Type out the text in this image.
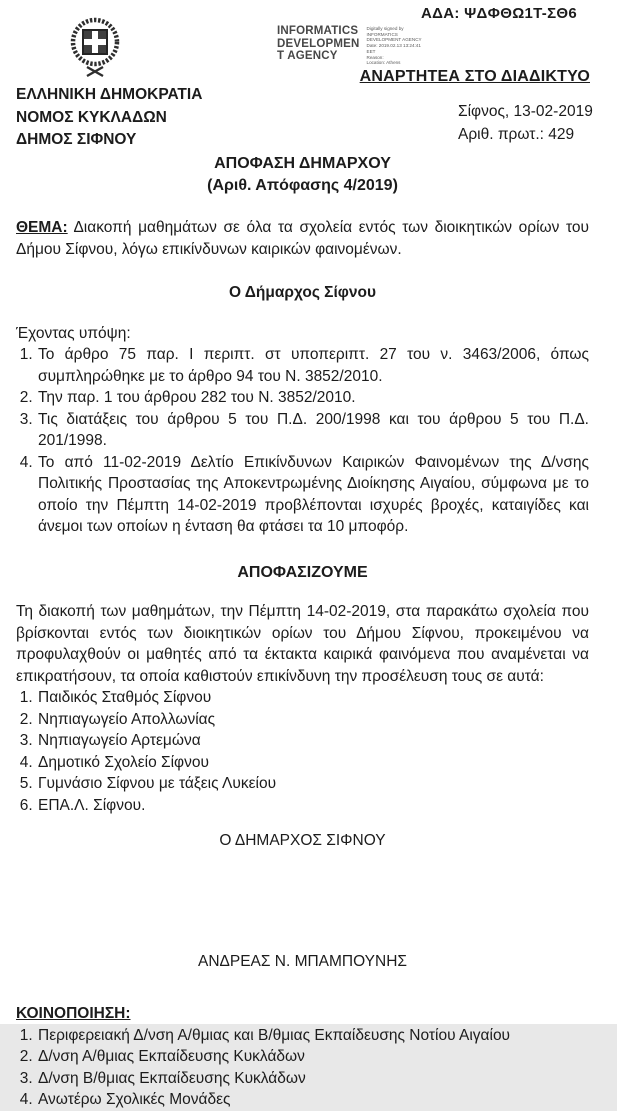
ΑΔΑ: ΨΔΦΘΩ1Τ-ΣΘ6
INFORMATICS
DEVELOPMEN
T AGENCY
Digitally signed by
INFORMATICS
DEVELOPMENT AGENCY
Date: 2019.02.13 13:24:41
EET
Reason:
Location: Athens
ΑΝΑΡΤΗΤΕΑ ΣΤΟ ΔΙΑΔΙΚΤΥΟ
ΕΛΛΗΝΙΚΗ ΔΗΜΟΚΡΑΤΙΑ
ΝΟΜΟΣ ΚΥΚΛΑΔΩΝ
ΔΗΜΟΣ ΣΙΦΝΟΥ
Σίφνος, 13-02-2019
Αριθ. πρωτ.: 429
ΑΠΟΦΑΣΗ ΔΗΜΑΡΧΟΥ
(Αριθ. Απόφασης 4/2019)

ΘΕΜΑ: Διακοπή μαθημάτων σε όλα τα σχολεία εντός των διοικητικών ορίων του Δήμου Σίφνου, λόγω επικίνδυνων καιρικών φαινομένων.

Ο Δήμαρχος Σίφνου
Έχοντας υπόψη:
1. Το άρθρο 75 παρ. Ι περιπτ. στ υποπεριπτ. 27 του ν. 3463/2006, όπως συμπληρώθηκε με το άρθρο 94 του Ν. 3852/2010.
2. Την παρ. 1 του άρθρου 282 του Ν. 3852/2010.
3. Τις διατάξεις του άρθρου 5 του Π.Δ. 200/1998 και του άρθρου 5 του Π.Δ. 201/1998.
4. Το από 11-02-2019 Δελτίο Επικίνδυνων Καιρικών Φαινομένων της Δ/νσης Πολιτικής Προστασίας της Αποκεντρωμένης Διοίκησης Αιγαίου, σύμφωνα με το οποίο την Πέμπτη 14-02-2019 προβλέπονται ισχυρές βροχές, καταιγίδες και άνεμοι των οποίων η ένταση θα φτάσει τα 10 μποφόρ.
ΑΠΟΦΑΣΙΖΟΥΜΕ

Τη διακοπή των μαθημάτων, την Πέμπτη 14-02-2019, στα παρακάτω σχολεία που βρίσκονται εντός των διοικητικών ορίων του Δήμου Σίφνου, προκειμένου να προφυλαχθούν οι μαθητές από τα έκτακτα καιρικά φαινόμενα που αναμένεται να επικρατήσουν, τα οποία καθιστούν επικίνδυνη την προσέλευση τους σε αυτά:

1. Παιδικός Σταθμός Σίφνου
2. Νηπιαγωγείο Απολλωνίας
3. Νηπιαγωγείο Αρτεμώνα
4. Δημοτικό Σχολείο Σίφνου
5. Γυμνάσιο Σίφνου με τάξεις Λυκείου
6. ΕΠΑ.Λ. Σίφνου.
Ο ΔΗΜΑΡΧΟΣ ΣΙΦΝΟΥ
ΑΝΔΡΕΑΣ Ν. ΜΠΑΜΠΟΥΝΗΣ
ΚΟΙΝΟΠΟΙΗΣΗ:
1. Περιφερειακή Δ/νση Α/θμιας και Β/θμιας Εκπαίδευσης Νοτίου Αιγαίου
2. Δ/νση Α/θμιας Εκπαίδευσης Κυκλάδων
3. Δ/νση Β/θμιας Εκπαίδευσης Κυκλάδων
4. Ανωτέρω Σχολικές Μονάδες
